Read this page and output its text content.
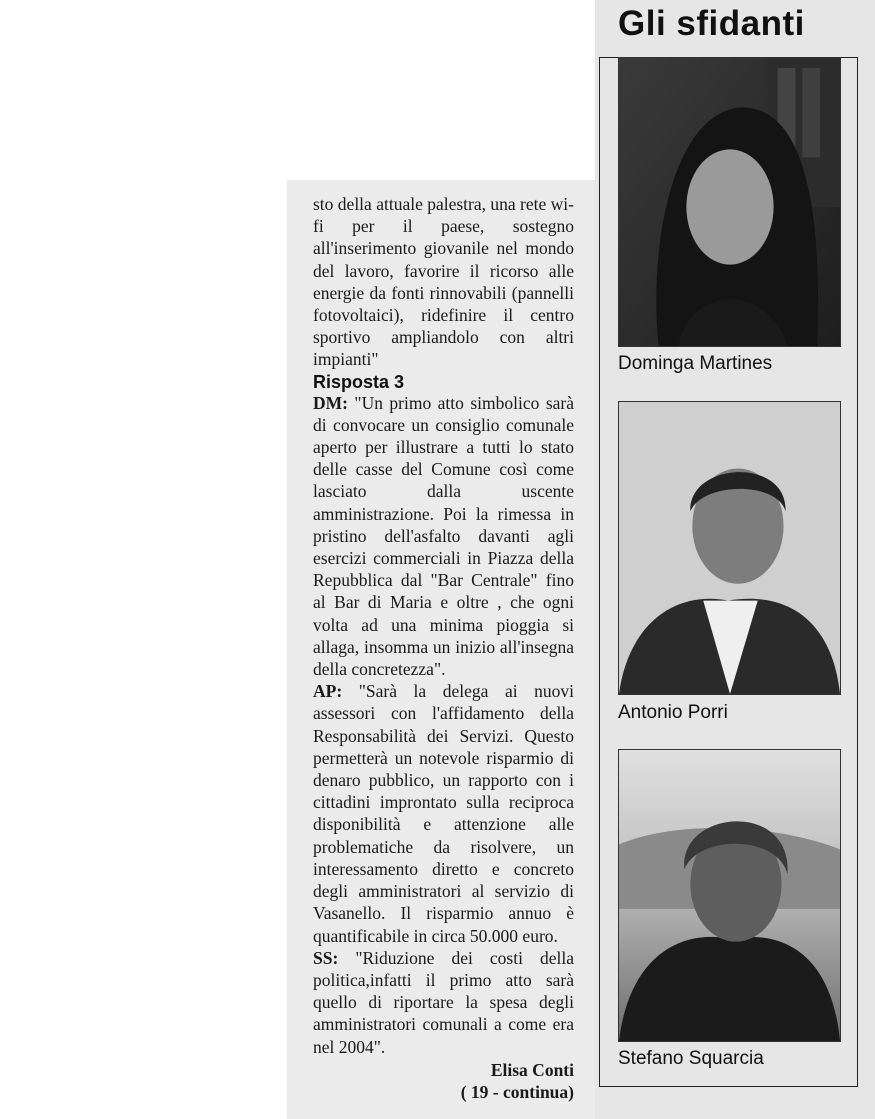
Gli sfidanti
Dominga Martines
Antonio Porri
Stefano Squarcia

sto della attuale palestra, una rete wi-fi per il paese, sostegno all'inserimento giovanile nel mondo del lavoro, favorire il ricorso alle energie da fonti rinnovabili (pannelli fotovoltaici), ridefinire il centro sportivo ampliandolo con altri impianti"

Risposta 3

DM: "Un primo atto simbolico sarà di convocare un consiglio comunale aperto per illustrare a tutti lo stato delle casse del Comune così come lasciato dalla uscente amministrazione. Poi la rimessa in pristino dell'asfalto davanti agli esercizi commerciali in Piazza della Repubblica dal "Bar Centrale" fino al Bar di Maria e oltre , che ogni volta ad una minima pioggia si allaga, insomma un inizio all'insegna della concretezza".

AP: "Sarà la delega ai nuovi assessori con l'affidamento della Responsabilità dei Servizi. Questo permetterà un notevole risparmio di denaro pubblico, un rapporto con i cittadini improntato sulla reciproca disponibilità e attenzione alle problematiche da risolvere, un interessamento diretto e concreto degli amministratori al servizio di Vasanello. Il risparmio annuo è quantificabile in circa 50.000 euro.

SS: "Riduzione dei costi della politica,infatti il primo atto sarà quello di riportare la spesa degli amministratori comunali a come era nel 2004".

Elisa Conti

( 19 - continua)
